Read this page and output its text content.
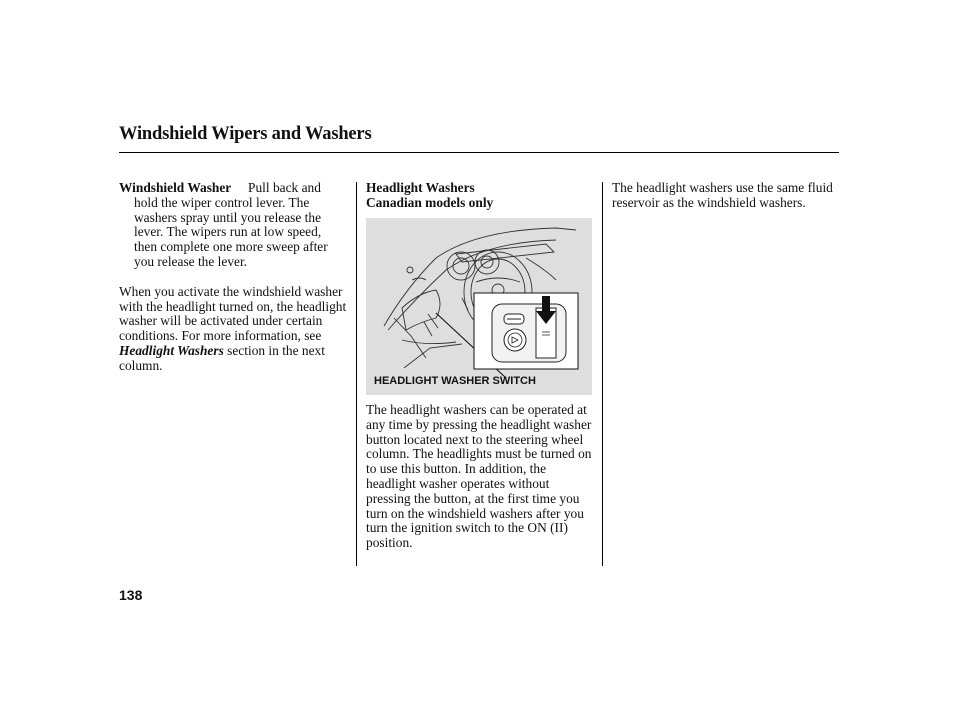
Windshield Wipers and Washers

Windshield Washer Pull back and hold the wiper control lever. The washers spray until you release the lever. The wipers run at low speed, then complete one more sweep after you release the lever.

When you activate the windshield washer with the headlight turned on, the headlight washer will be activated under certain conditions. For more information, see Headlight Washers section in the next column.

Headlight Washers
Canadian models only
HEADLIGHT WASHER SWITCH
The headlight washers can be operated at any time by pressing the headlight washer button located next to the steering wheel column. The headlights must be turned on to use this button. In addition, the headlight washer operates without pressing the button, at the first time you turn on the windshield washers after you turn the ignition switch to the ON (II) position.
The headlight washers use the same fluid reservoir as the windshield washers.
138
